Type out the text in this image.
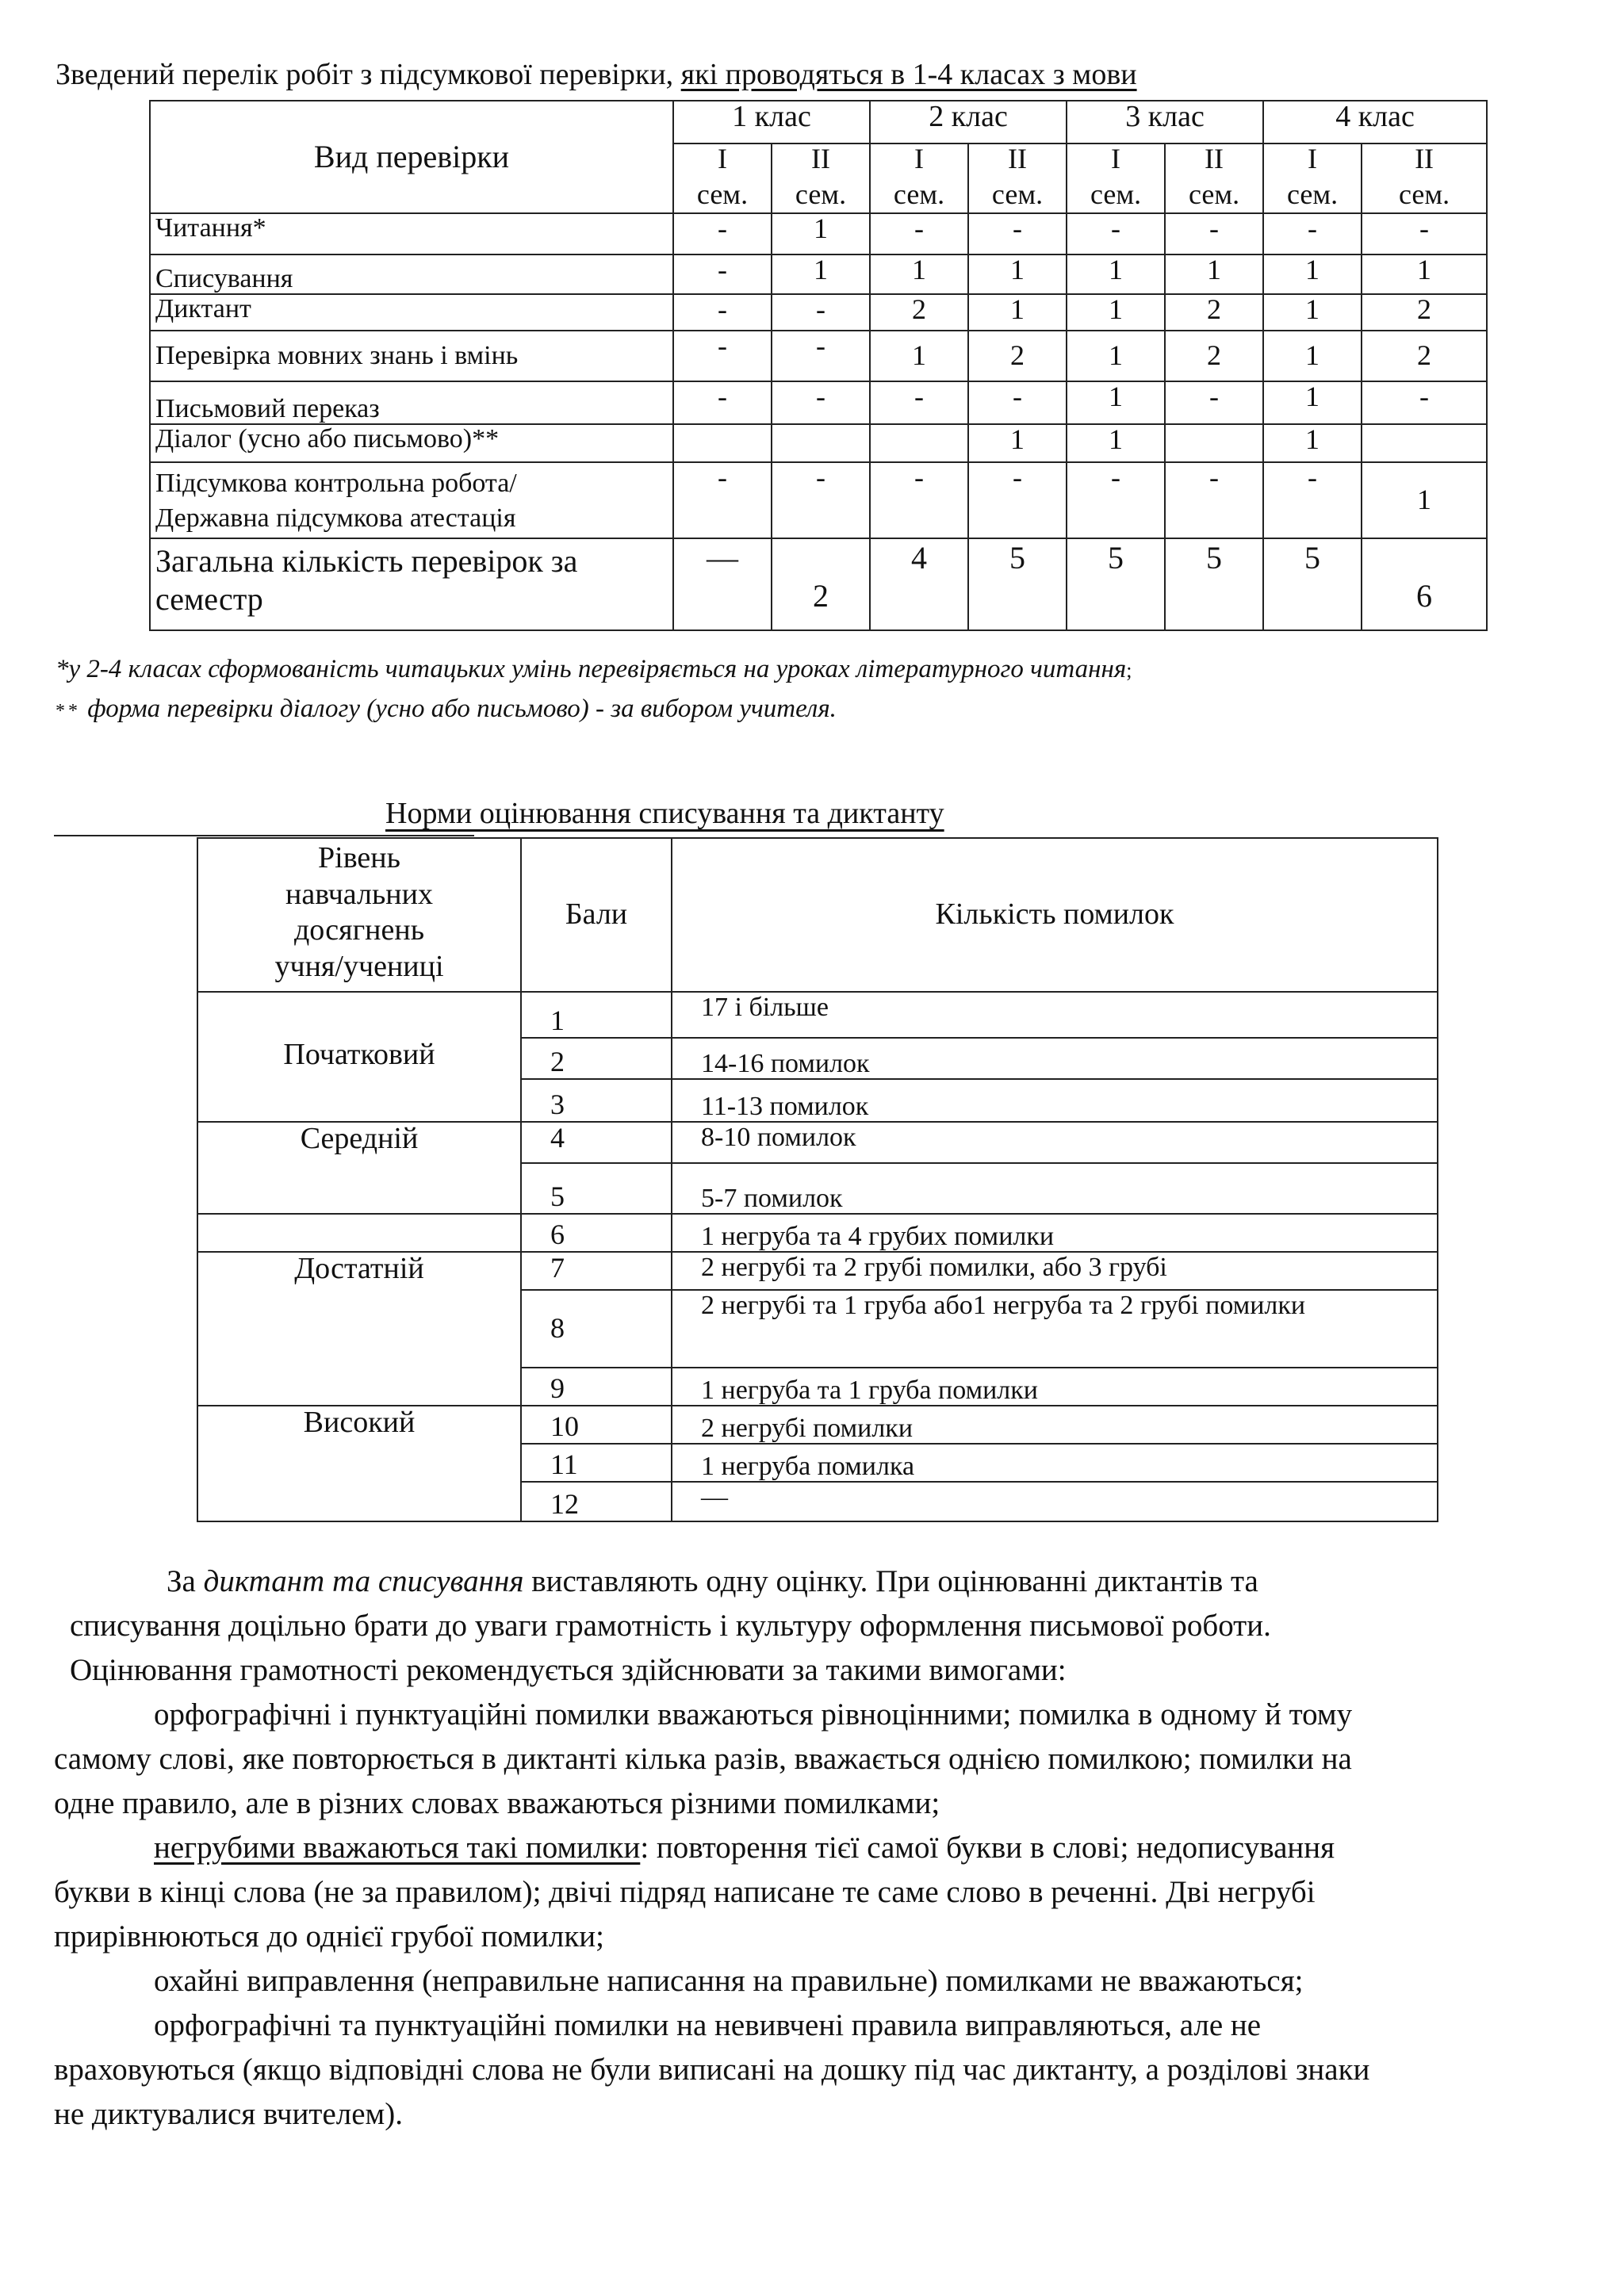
Зведений перелік робіт з підсумкової перевірки, які проводяться в 1-4 класах з мови
Вид перевірки	1 клас		2 клас		3 клас		4 клас	
	I	II	I	II	I	II	I	II
	сем.	сем.	сем.	сем.	сем.	сем.	сем.	сем.
Читання*	-	1	-	-	-	-	-	-
Списування	-	1	1	1	1	1	1	1
Диктант	-	-	2	1	1	2	1	2
Перевірка мовних знань і вмінь	-	-	1	2	1	2	1	2
Письмовий переказ	-	-	-	-	1	-	1	-
Діалог (усно або письмово)**				1	1		1	
Підсумкова контрольна робота/
Державна підсумкова атестація	-	-	-	-	-	-	-	1
Загальна кількість перевірок за
семестр	—	2	4	5	5	5	5	6
*у 2-4 класах сформованість читацьких умінь перевіряється на уроках літературного читання;
** форма перевірки діалогу (усно або письмово) - за вибором учителя.
Норми оцінювання списування та диктанту
Рівень
навчальних
досягнень
учня/учениці	Бали	Кількість помилок
Початковий	1	17 і більше
	2	14-16 помилок
	3	11-13 помилок
Середній	4	8-10 помилок
	5	5-7 помилок
	6	1 негруба та 4 грубих помилки
Достатній	7	2 негрубі та 2 грубі помилки, або 3 грубі
	8	2 негрубі та 1 груба або1 негруба та 2 грубі помилки
	9	1 негруба та 1 груба помилки
Високий	10	2 негрубі помилки
	11	1 негруба помилка
	12	—
За диктант та списування виставляють одну оцінку. При оцінюванні диктантів та
списування доцільно брати до уваги грамотність і культуру оформлення письмової роботи.
Оцінювання грамотності рекомендується здійснювати за такими вимогами:
орфографічні і пунктуаційні помилки вважаються рівноцінними; помилка в одному й тому
самому слові, яке повторюється в диктанті кілька разів, вважається однією помилкою; помилки на
одне правило, але в різних словах вважаються різними помилками;
негрубими вважаються такі помилки: повторення тієї самої букви в слові; недописування
букви в кінці слова (не за правилом); двічі підряд написане те саме слово в реченні. Дві негрубі
прирівнюються до однієї грубої помилки;
охайні виправлення (неправильне написання на правильне) помилками не вважаються;
орфографічні та пунктуаційні помилки на невивчені правила виправляються, але не
враховуються (якщо відповідні слова не були виписані на дошку під час диктанту, а розділові знаки
не диктувалися вчителем).
